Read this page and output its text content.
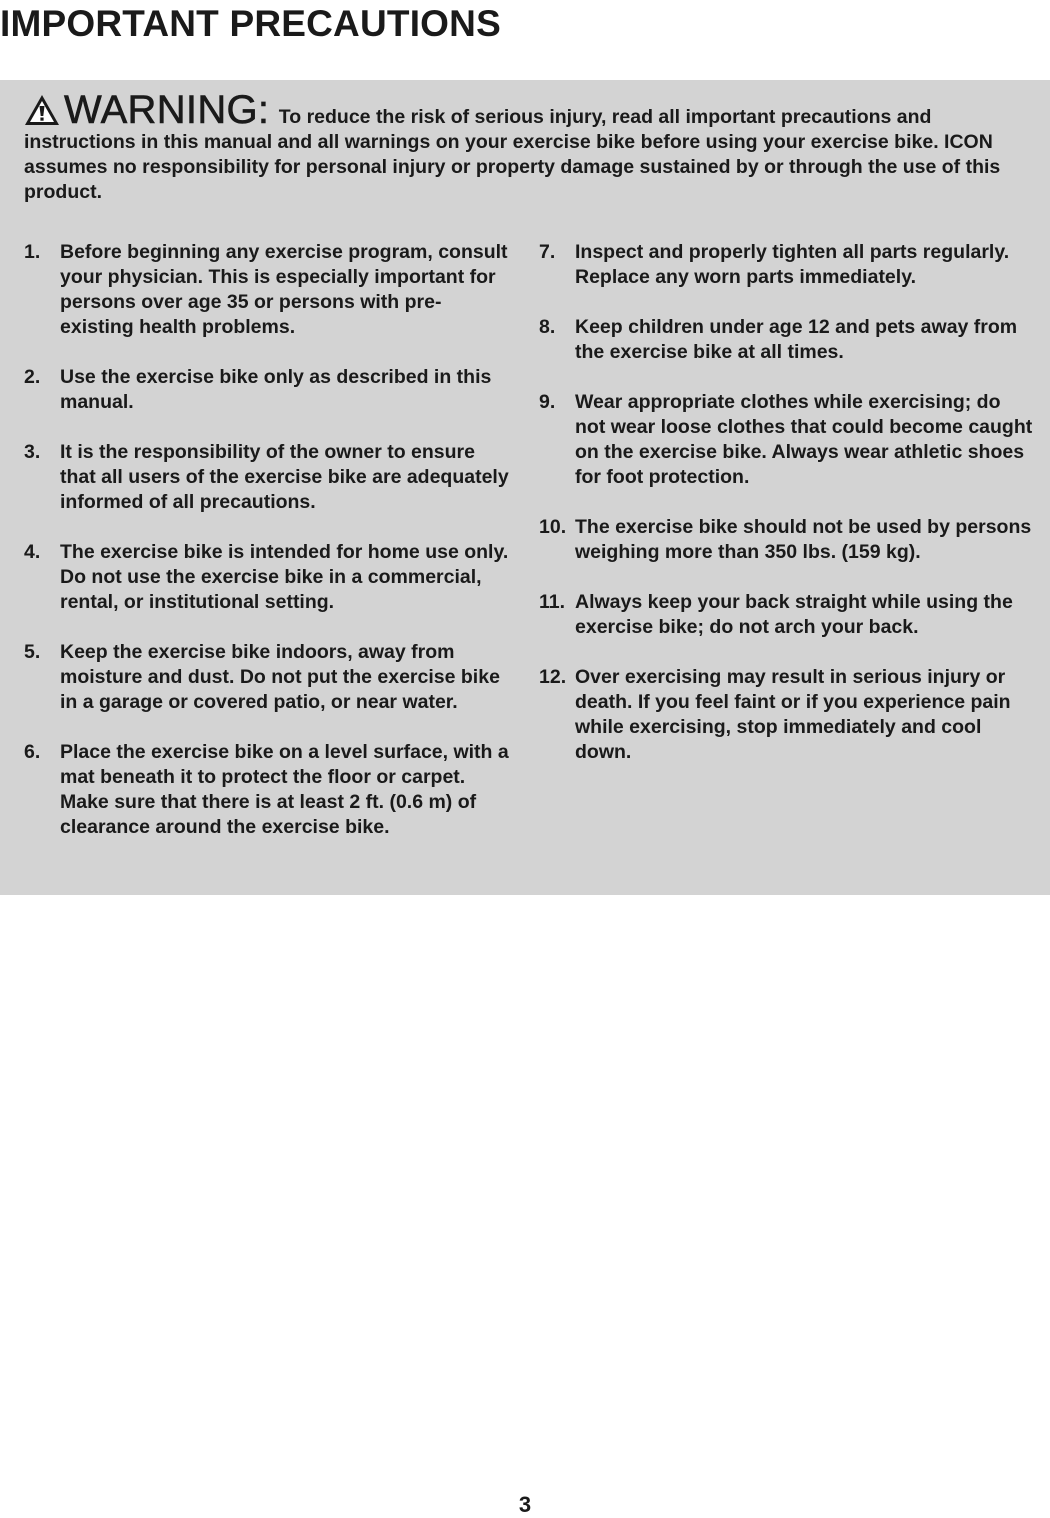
IMPORTANT PRECAUTIONS

WARNING: To reduce the risk of serious injury, read all important precautions and instructions in this manual and all warnings on your exercise bike before using your exercise bike. ICON assumes no responsibility for personal injury or property damage sustained by or through the use of this product.

1. Before beginning any exercise program, consult your physician. This is especially important for persons over age 35 or persons with pre-existing health problems.
2. Use the exercise bike only as described in this manual.
3. It is the responsibility of the owner to ensure that all users of the exercise bike are adequately informed of all precautions.
4. The exercise bike is intended for home use only. Do not use the exercise bike in a commercial, rental, or institutional setting.
5. Keep the exercise bike indoors, away from moisture and dust. Do not put the exercise bike in a garage or covered patio, or near water.
6. Place the exercise bike on a level surface, with a mat beneath it to protect the floor or carpet. Make sure that there is at least 2 ft. (0.6 m) of clearance around the exercise bike.
7. Inspect and properly tighten all parts regularly. Replace any worn parts immediately.
8. Keep children under age 12 and pets away from the exercise bike at all times.
9. Wear appropriate clothes while exercising; do not wear loose clothes that could become caught on the exercise bike. Always wear athletic shoes for foot protection.
10. The exercise bike should not be used by persons weighing more than 350 lbs. (159 kg).
11. Always keep your back straight while using the exercise bike; do not arch your back.
12. Over exercising may result in serious injury or death. If you feel faint or if you experience pain while exercising, stop immediately and cool down.
3
